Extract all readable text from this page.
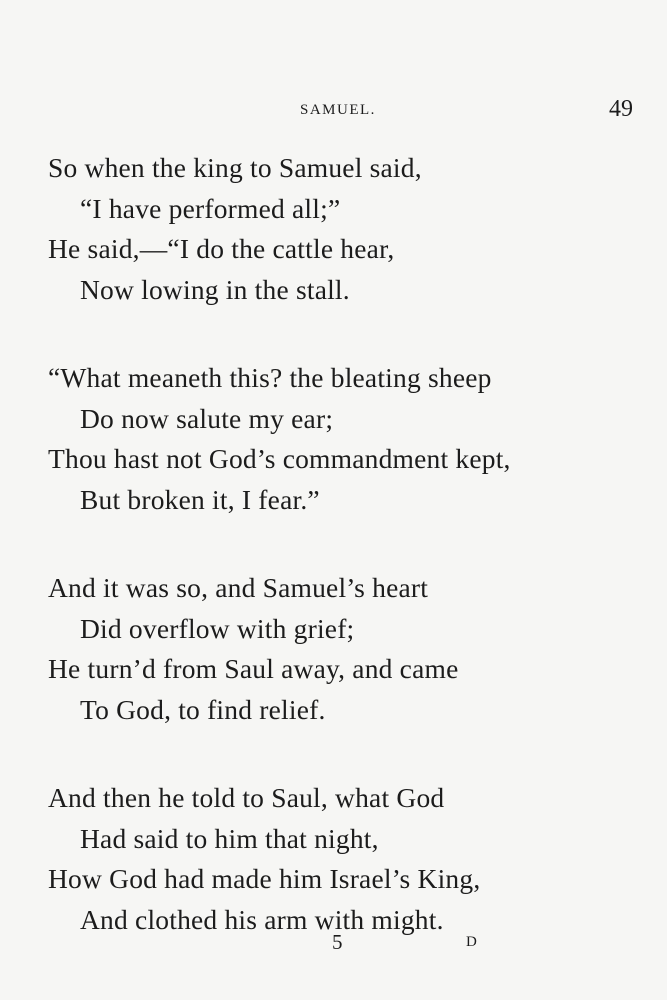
SAMUEL.	49
So when the king to Samuel said,
“I have performed all;”
He said,—“I do the cattle hear,
Now lowing in the stall.
“What meaneth this? the bleating sheep
Do now salute my ear;
Thou hast not God’s commandment kept,
But broken it, I fear.”
And it was so, and Samuel’s heart
Did overflow with grief;
He turn’d from Saul away, and came
To God, to find relief.
And then he told to Saul, what God
Had said to him that night,
How God had made him Israel’s King,
And clothed his arm with might.
5	D
